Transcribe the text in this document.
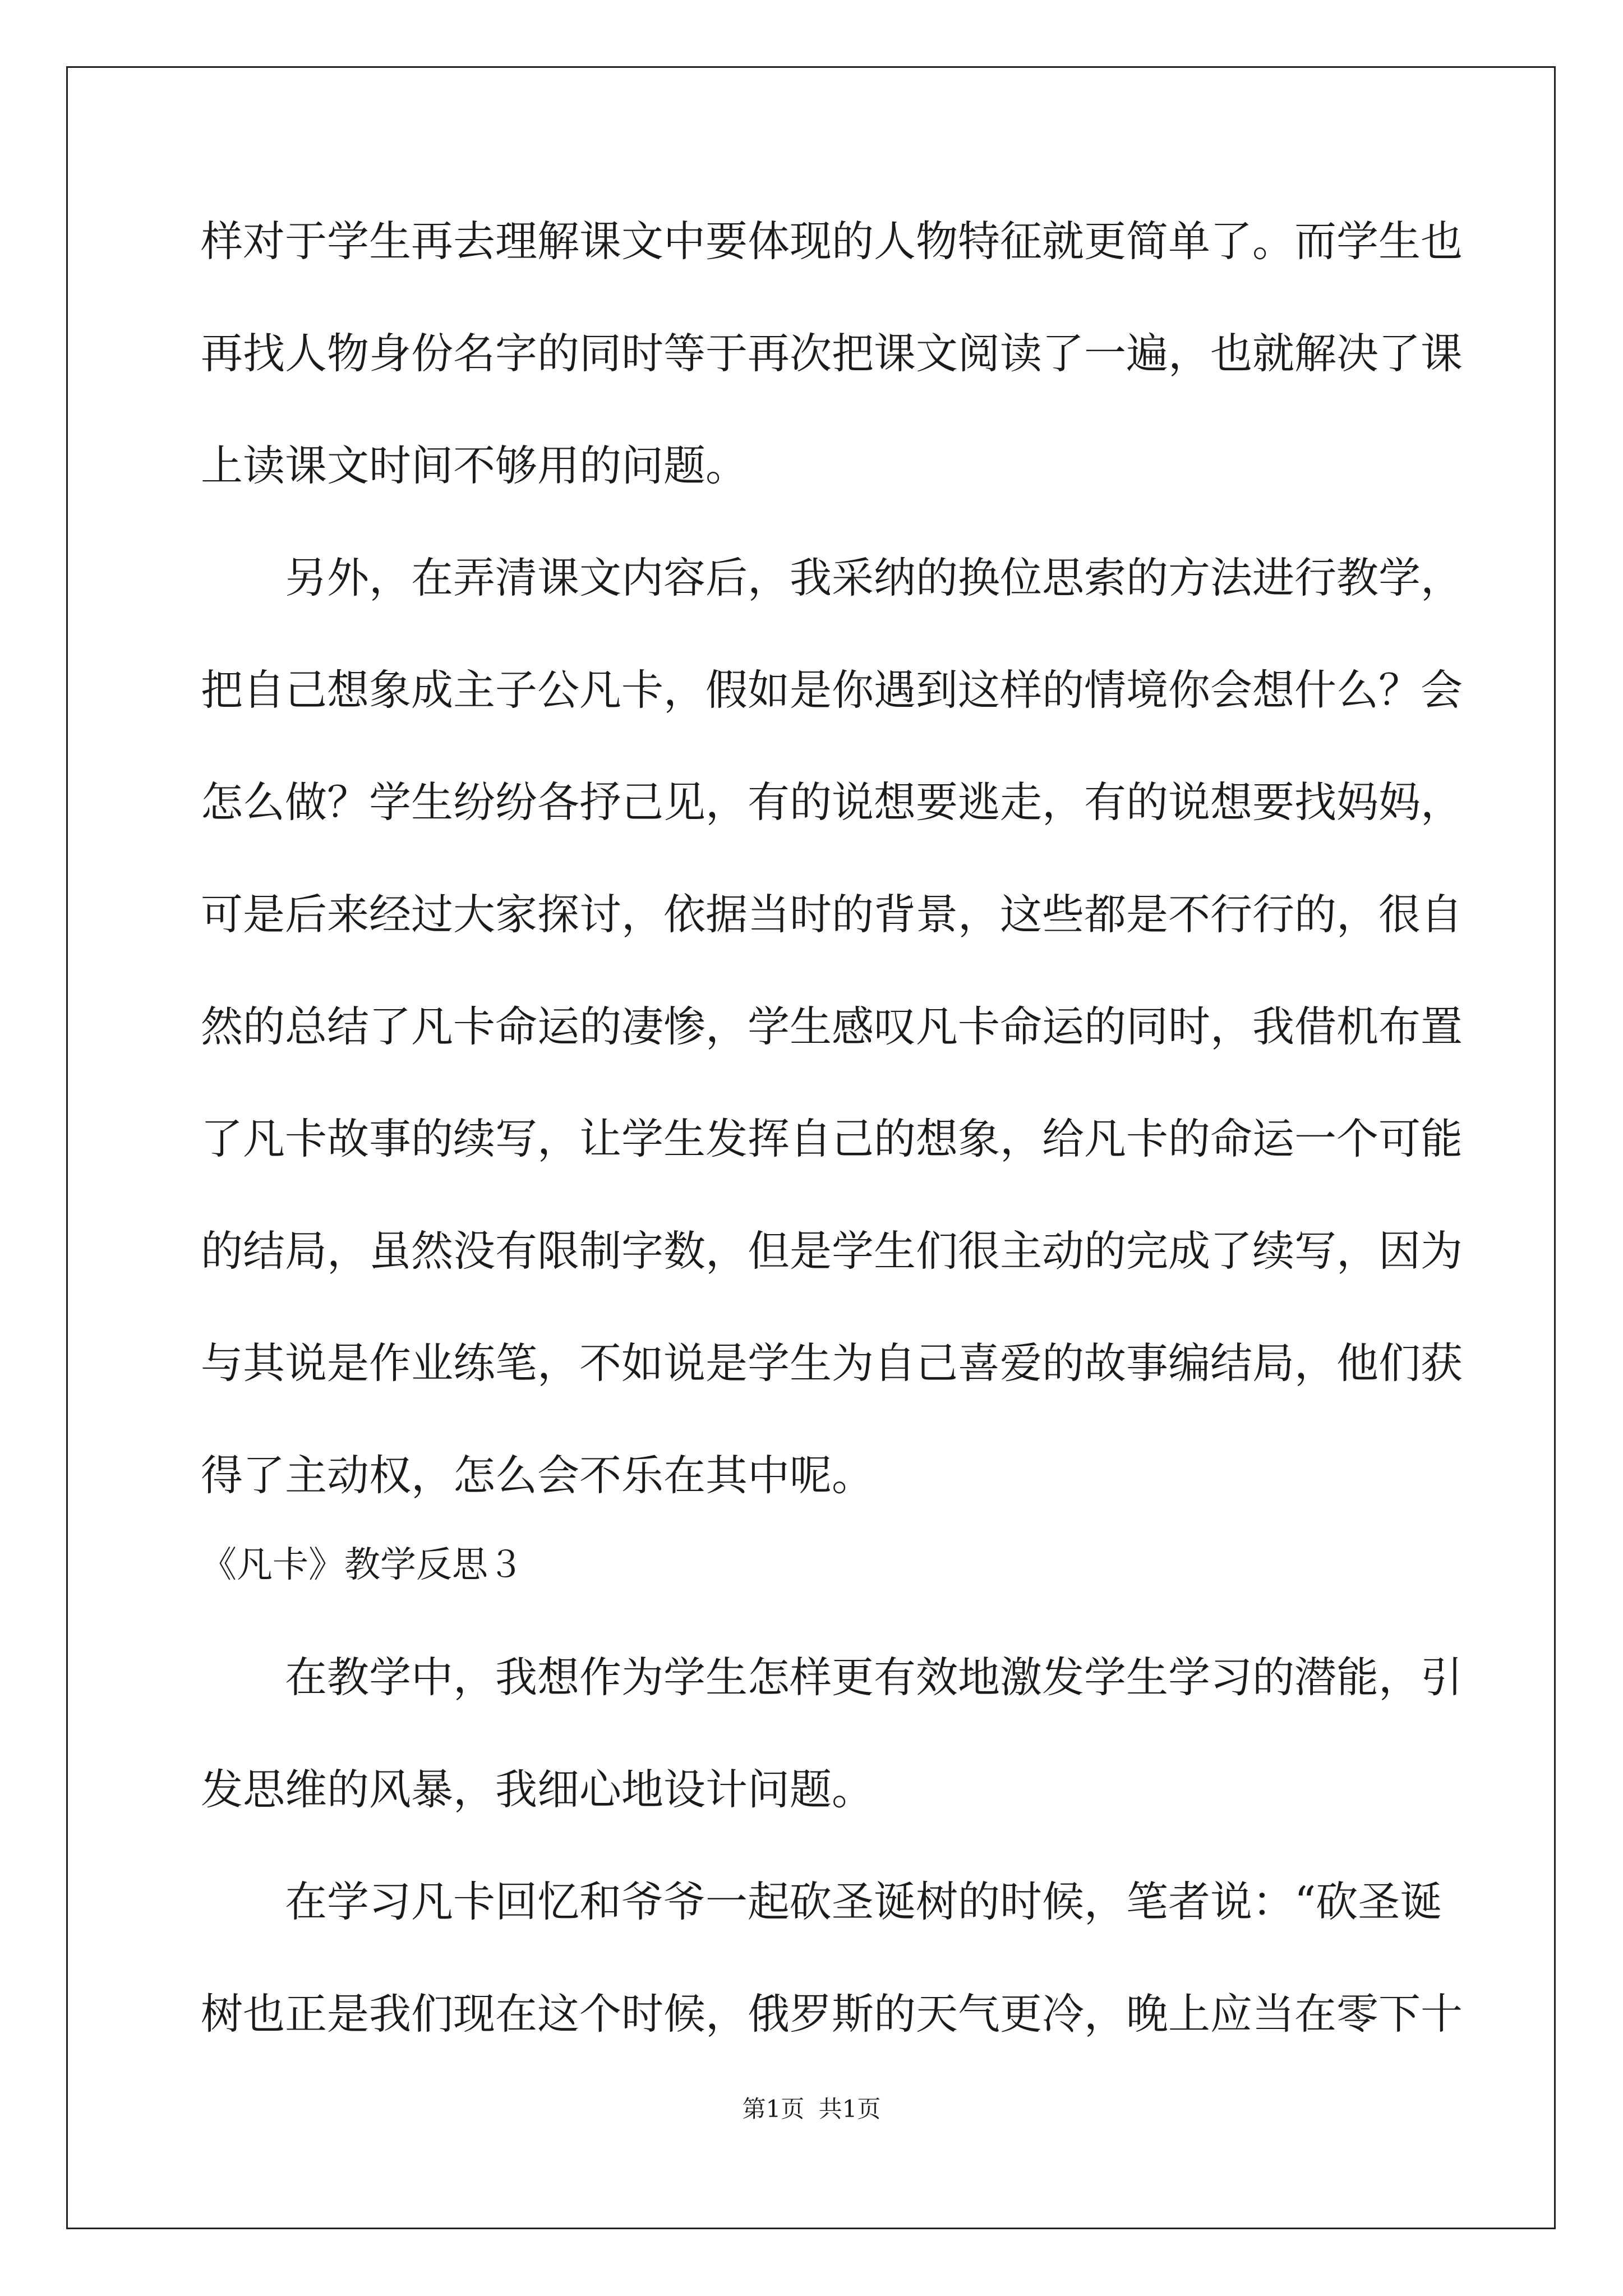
样对于学生再去理解课文中要体现的人物特征就更简单了。而学生也
再找人物身份名字的同时等于再次把课文阅读了一遍，也就解决了课
上读课文时间不够用的问题。
另外，在弄清课文内容后，我采纳的换位思索的方法进行教学，
把自己想象成主子公凡卡，假如是你遇到这样的情境你会想什么？会
怎么做？学生纷纷各抒己见，有的说想要逃走，有的说想要找妈妈，
可是后来经过大家探讨，依据当时的背景，这些都是不行行的，很自
然的总结了凡卡命运的凄惨，学生感叹凡卡命运的同时，我借机布置
了凡卡故事的续写，让学生发挥自己的想象，给凡卡的命运一个可能
的结局，虽然没有限制字数，但是学生们很主动的完成了续写，因为
与其说是作业练笔，不如说是学生为自己喜爱的故事编结局，他们获
得了主动权，怎么会不乐在其中呢。
《凡卡》教学反思３
在教学中，我想作为学生怎样更有效地激发学生学习的潜能，引
发思维的风暴，我细心地设计问题。
在学习凡卡回忆和爷爷一起砍圣诞树的时候，笔者说：“砍圣诞
树也正是我们现在这个时候，俄罗斯的天气更冷，晚上应当在零下十
第1页 共1页
